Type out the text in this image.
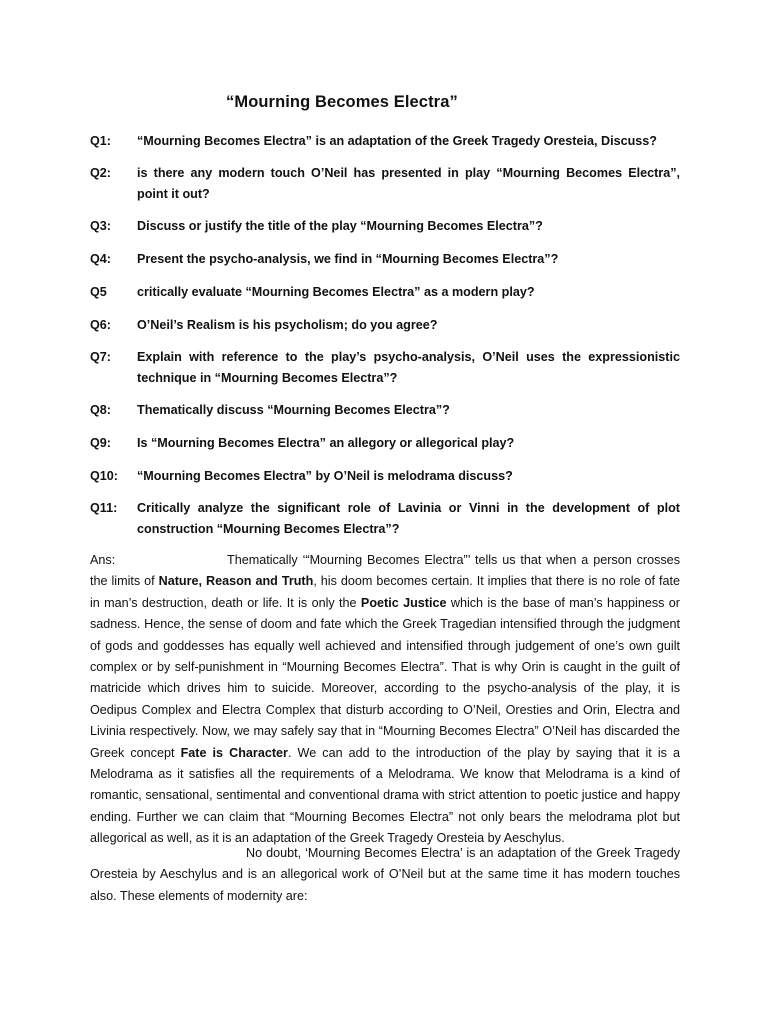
“Mourning Becomes Electra”
Q1: “Mourning Becomes Electra” is an adaptation of the Greek Tragedy Oresteia, Discuss?
Q2: is there any modern touch O’Neil has presented in play “Mourning Becomes Electra”, point it out?
Q3: Discuss or justify the title of the play “Mourning Becomes Electra”?
Q4: Present the psycho-analysis, we find in “Mourning Becomes Electra”?
Q5 critically evaluate “Mourning Becomes Electra” as a modern play?
Q6: O’Neil’s Realism is his psycholism; do you agree?
Q7: Explain with reference to the play’s psycho-analysis, O’Neil uses the expressionistic technique in “Mourning Becomes Electra”?
Q8: Thematically discuss “Mourning Becomes Electra”?
Q9: Is “Mourning Becomes Electra” an allegory or allegorical play?
Q10: “Mourning Becomes Electra” by O’Neil is melodrama discuss?
Q11: Critically analyze the significant role of Lavinia or Vinni in the development of plot construction “Mourning Becomes Electra”?
Ans:	Thematically ‘“Mourning Becomes Electra”’ tells us that when a person crosses the limits of Nature, Reason and Truth, his doom becomes certain. It implies that there is no role of fate in man’s destruction, death or life. It is only the Poetic Justice which is the base of man’s happiness or sadness. Hence, the sense of doom and fate which the Greek Tragedian intensified through the judgment of gods and goddesses has equally well achieved and intensified through judgement of one’s own guilt complex or by self-punishment in “Mourning Becomes Electra”. That is why Orin is caught in the guilt of matricide which drives him to suicide. Moreover, according to the psycho-analysis of the play, it is Oedipus Complex and Electra Complex that disturb according to O’Neil, Oresties and Orin, Electra and Livinia respectively. Now, we may safely say that in “Mourning Becomes Electra” O’Neil has discarded the Greek concept Fate is Character. We can add to the introduction of the play by saying that it is a Melodrama as it satisfies all the requirements of a Melodrama. We know that Melodrama is a kind of romantic, sensational, sentimental and conventional drama with strict attention to poetic justice and happy ending. Further we can claim that “Mourning Becomes Electra” not only bears the melodrama plot but allegorical as well, as it is an adaptation of the Greek Tragedy Oresteia by Aeschylus.
No doubt, ‘Mourning Becomes Electra’ is an adaptation of the Greek Tragedy Oresteia by Aeschylus and is an allegorical work of O’Neil but at the same time it has modern touches also. These elements of modernity are:
